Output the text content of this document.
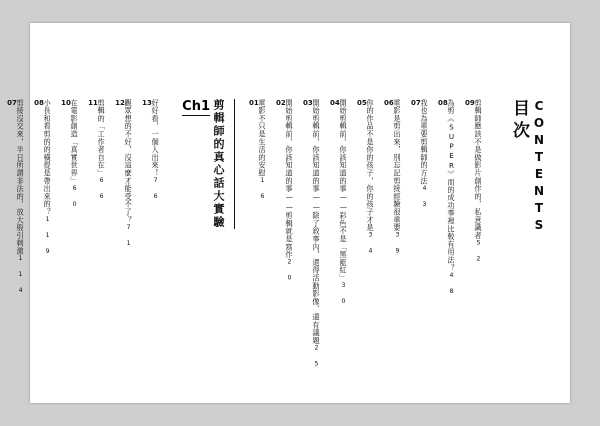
目次 CONTENTS
Ch1 剪輯師的真心話大實驗	01 電影不只是生活的安慰1 6
02 開始剪輯前，你該知道的事——剪輯就是寫作2 0
03 開始剪輯前，你該知道的事——除了敘事內，還得活動影像、還有議題2 5
04 開始剪輯前，你該知道的事——彩色不是「黑藍紅」3 0
05 你的作品不是你的孩子，你的孩子才是3 4
06 電影是剪出來，別忘記剪接經驗很重要3 9
07 我也為重要剪輯師的方法4 3
08 為剪《SUPER》而的成功事裡比較有用法？4 8
09 剪輯師應該不是做影片創作的，私意識者5 2
10 在電影創造「真實世界」6 0
11 剪輯的「工作者自在」6 6
12 觀眾想的不好，沒這麼才能受不了？7 1
13 好好看，一個人出來！7 6
07 剪接沒交來，半日所謂非法的，放大般引刺激1 1 4
08 小長和看剪的的橫提是帶出來的？1 1 9
